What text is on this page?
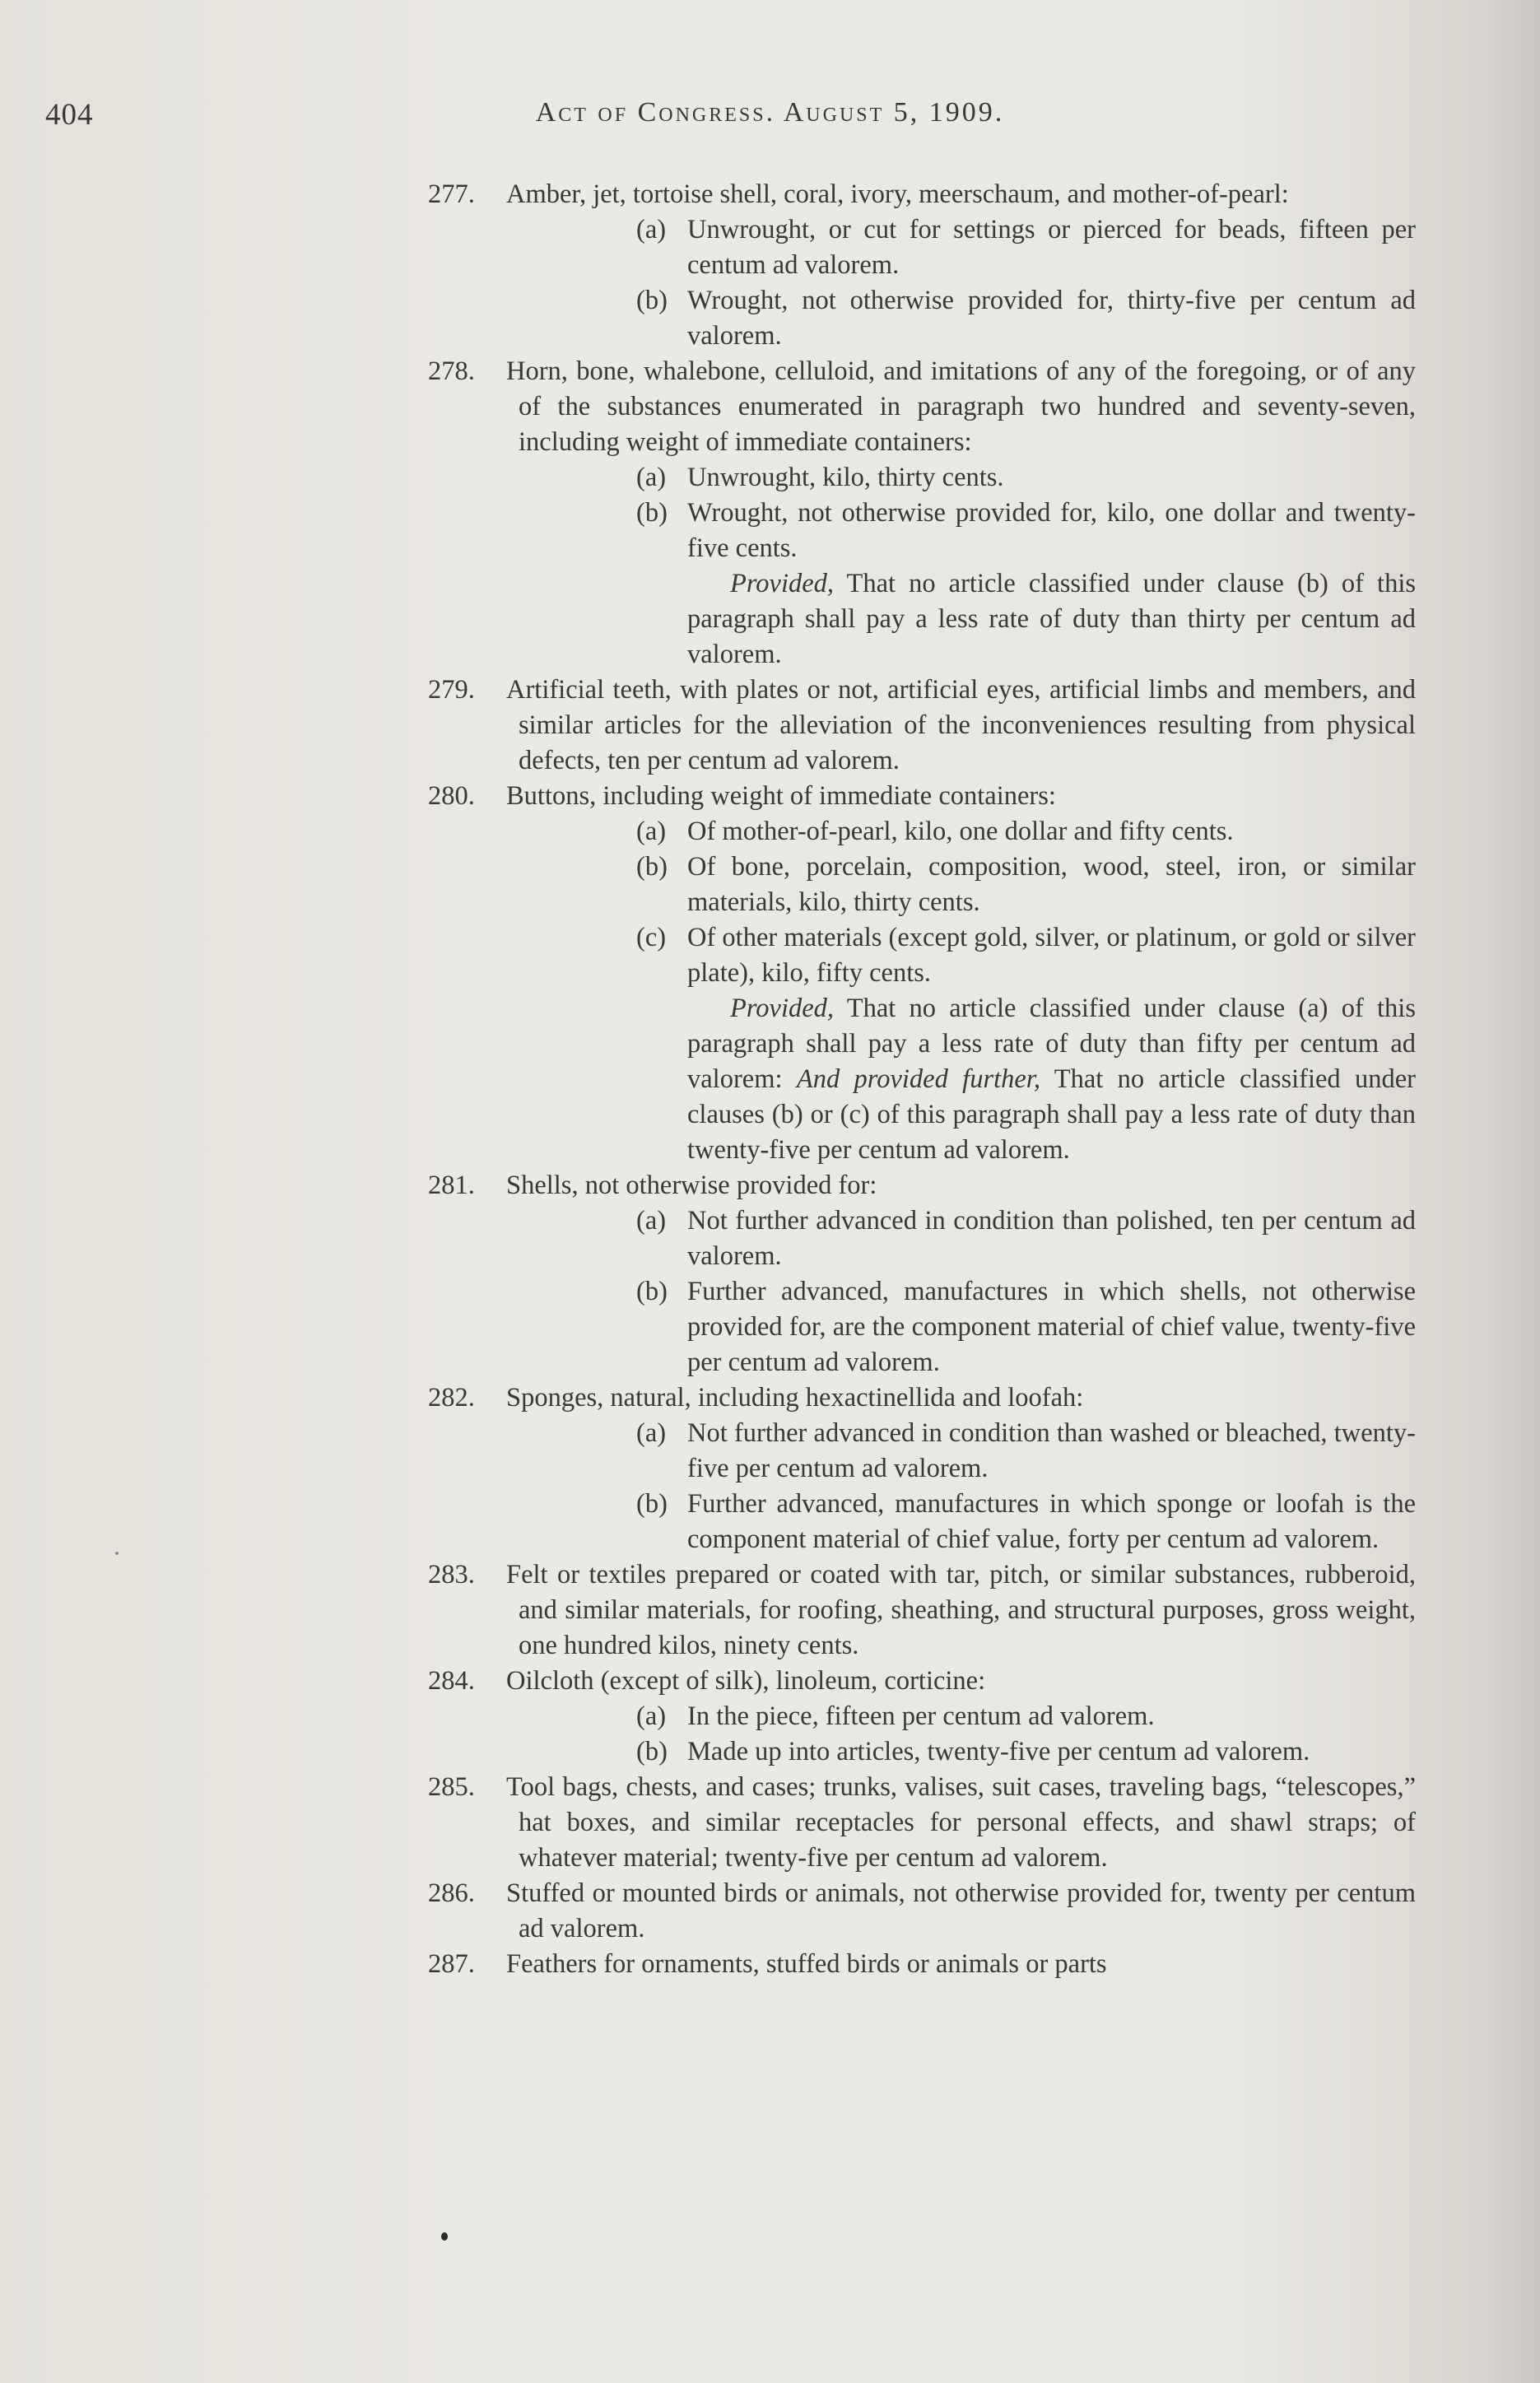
404	Act of Congress. August 5, 1909.

277. Amber, jet, tortoise shell, coral, ivory, meerschaum, and mother-of-pearl:

(a) Unwrought, or cut for settings or pierced for beads, fifteen per centum ad valorem.

(b) Wrought, not otherwise provided for, thirty-five per centum ad valorem.

278. Horn, bone, whalebone, celluloid, and imitations of any of the foregoing, or of any of the substances enumerated in paragraph two hundred and seventy-seven, including weight of immediate containers:

(a) Unwrought, kilo, thirty cents.

(b) Wrought, not otherwise provided for, kilo, one dollar and twenty-five cents.

Provided, That no article classified under clause (b) of this paragraph shall pay a less rate of duty than thirty per centum ad valorem.

279. Artificial teeth, with plates or not, artificial eyes, artificial limbs and members, and similar articles for the alleviation of the inconveniences resulting from physical defects, ten per centum ad valorem.

280. Buttons, including weight of immediate containers:

(a) Of mother-of-pearl, kilo, one dollar and fifty cents.

(b) Of bone, porcelain, composition, wood, steel, iron, or similar materials, kilo, thirty cents.

(c) Of other materials (except gold, silver, or platinum, or gold or silver plate), kilo, fifty cents.

Provided, That no article classified under clause (a) of this paragraph shall pay a less rate of duty than fifty per centum ad valorem: And provided further, That no article classified under clauses (b) or (c) of this paragraph shall pay a less rate of duty than twenty-five per centum ad valorem.

281. Shells, not otherwise provided for:

(a) Not further advanced in condition than polished, ten per centum ad valorem.

(b) Further advanced, manufactures in which shells, not otherwise provided for, are the component material of chief value, twenty-five per centum ad valorem.

282. Sponges, natural, including hexactinellida and loofah:

(a) Not further advanced in condition than washed or bleached, twenty-five per centum ad valorem.

(b) Further advanced, manufactures in which sponge or loofah is the component material of chief value, forty per centum ad valorem.

283. Felt or textiles prepared or coated with tar, pitch, or similar substances, rubberoid, and similar materials, for roofing, sheathing, and structural purposes, gross weight, one hundred kilos, ninety cents.

284. Oilcloth (except of silk), linoleum, corticine:

(a) In the piece, fifteen per centum ad valorem.

(b) Made up into articles, twenty-five per centum ad valorem.

285. Tool bags, chests, and cases; trunks, valises, suit cases, traveling bags, “telescopes,” hat boxes, and similar receptacles for personal effects, and shawl straps; of whatever material; twenty-five per centum ad valorem.

286. Stuffed or mounted birds or animals, not otherwise provided for, twenty per centum ad valorem.

287. Feathers for ornaments, stuffed birds or animals or parts
